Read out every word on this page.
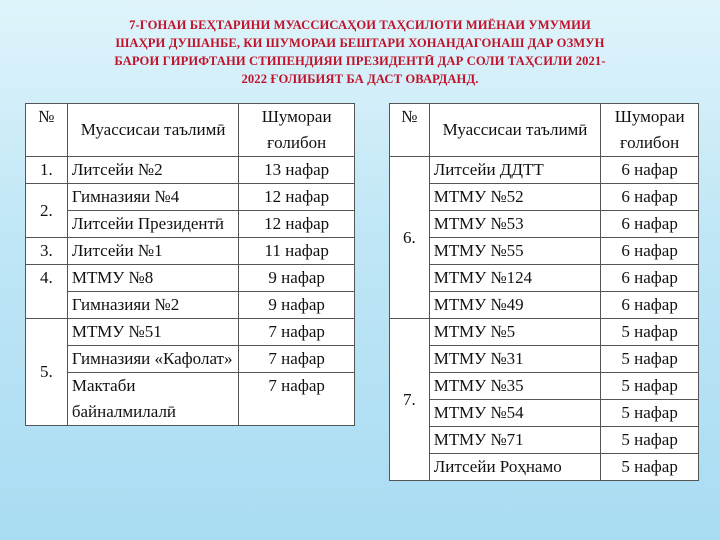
7-ГОНАИ БЕҲТАРИНИ МУАССИСАҲОИ ТАҲСИЛОТИ МИЁНАИ УМУМИИ
ШАҲРИ ДУШАНБЕ, КИ ШУМОРАИ БЕШТАРИ ХОНАНДАГОНАШ ДАР ОЗМУН
БАРОИ ГИРИФТАНИ СТИПЕНДИЯИ ПРЕЗИДЕНТӢ ДАР СОЛИ ТАҲСИЛИ 2021-
2022 ҒОЛИБИЯТ БА ДАСТ ОВАРДАНД.
№	Муассисаи таълимӣ	Шумораи ғолибон
1.	Литсейи №2	13 нафар
2.	Гимназияи №4	12 нафар
	Литсейи Президентӣ	12 нафар
3.	Литсейи №1	11 нафар
4.	МТМУ №8	9 нафар
	Гимназияи №2	9 нафар
5.	МТМУ №51	7 нафар
	Гимназияи «Кафолат»	7 нафар
	Мактаби байналмилалӣ	7 нафар
№	Муассисаи таълимӣ	Шумораи ғолибон
6.	Литсейи ДДТТ	6 нафар
	МТМУ №52	6 нафар
	МТМУ №53	6 нафар
	МТМУ №55	6 нафар
	МТМУ №124	6 нафар
	МТМУ №49	6 нафар
7.	МТМУ №5	5 нафар
	МТМУ №31	5 нафар
	МТМУ №35	5 нафар
	МТМУ №54	5 нафар
	МТМУ №71	5 нафар
	Литсейи Роҳнамо	5 нафар
